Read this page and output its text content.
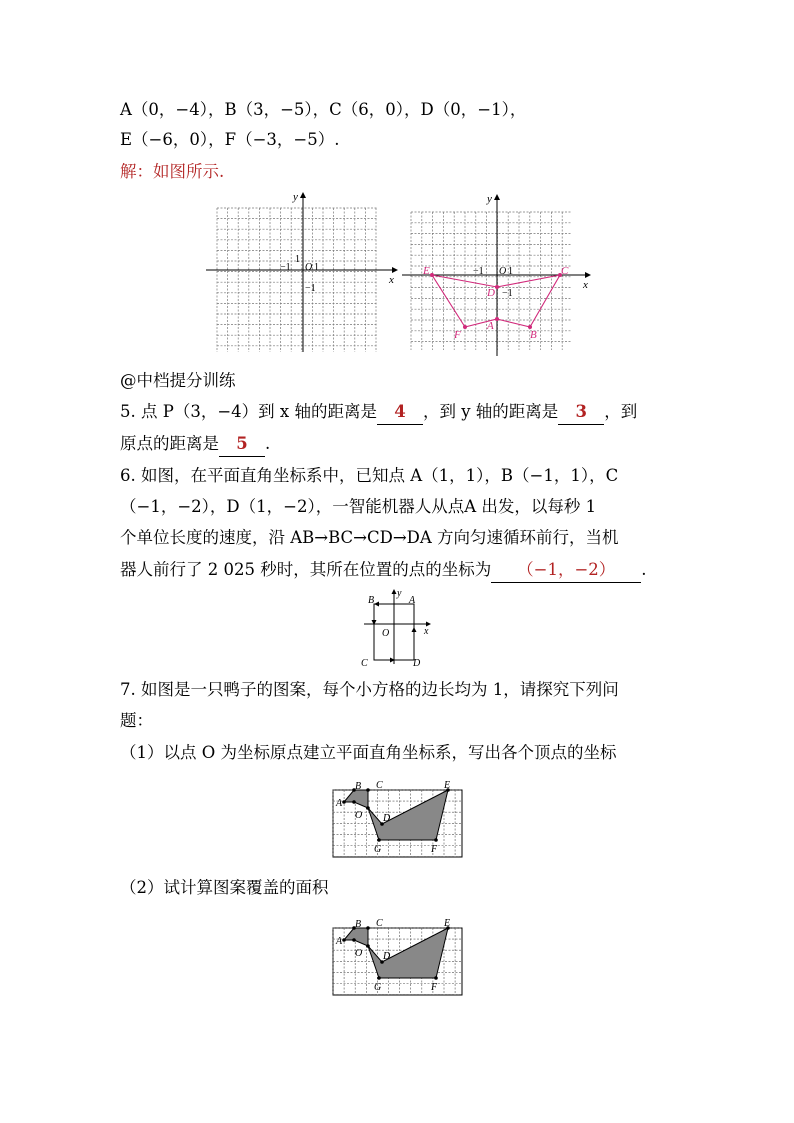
A（0，−4），B（3，−5），C（6，0），D（0，−1），
E（−6，0），F（−3，−5）.
解：如图所示.
x
y
O 1
1
−1
−1	x
y
O 1
−1
−1
E	C
D
A
F	B
@中档提分训练
5. 点 P（3，−4）到 x 轴的距离是 4 ，到 y 轴的距离是 3 ，到
原点的距离是 5 .
6. 如图，在平面直角坐标系中，已知点 A（1，1），B（−1，1），C
（−1，−2），D（1，−2），一智能机器人从点A 出发，以每秒 1
个单位长度的速度，沿 AB→BC→CD→DA 方向匀速循环前行，当机
器人前行了 2 025 秒时，其所在位置的点的坐标为 （−1，−2） .
B	A
C	D
y
x
O
7. 如图是一只鸭子的图案，每个小方格的边长均为 1，请探究下列问
题：
（1）以点 O 为坐标原点建立平面直角坐标系，写出各个顶点的坐标
B C	E
A
O D
G	F
（2）试计算图案覆盖的面积
B C	E
A
O D
G	F
